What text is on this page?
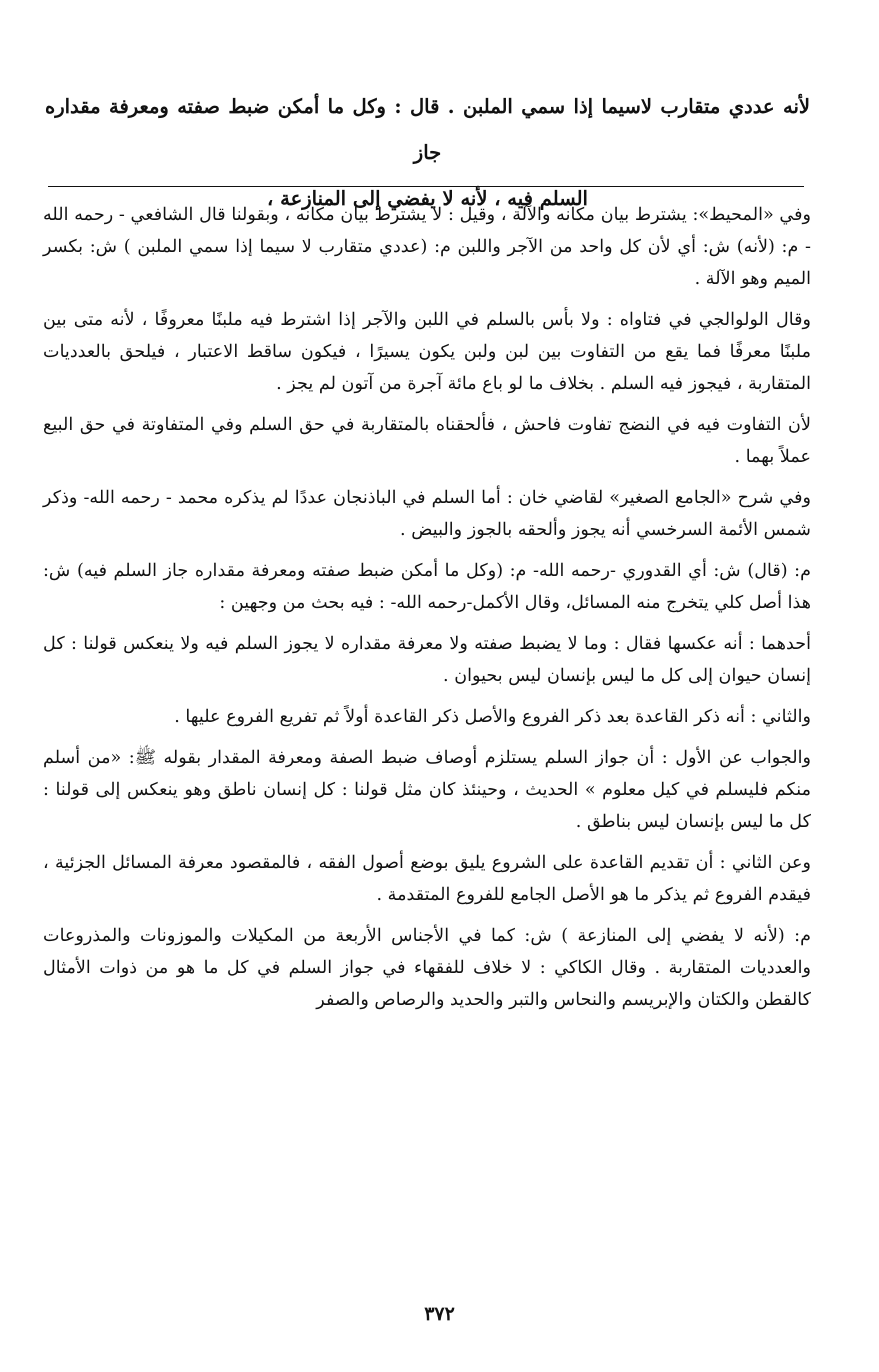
لأنه عددي متقارب لاسيما إذا سمي الملبن . قال : وكل ما أمكن ضبط صفته ومعرفة مقداره جاز
السلم فيه ، لأنه لا يفضي إلى المنازعة ،

وفي «المحيط»: يشترط بيان مكانه والآلة ، وقيل : لا يشترط بيان مكانه ، وبقولنا قال الشافعي - رحمه الله - م: (لأنه) ش: أي لأن كل واحد من الآجر واللبن م: (عددي متقارب لا سيما إذا سمي الملبن ) ش: بكسر الميم وهو الآلة .

وقال الولوالجي في فتاواه : ولا بأس بالسلم في اللبن والآجر إذا اشترط فيه ملبنًا معروفًا ، لأنه متى بين ملبنًا معرفًا فما يقع من التفاوت بين لبن ولبن يكون يسيرًا ، فيكون ساقط الاعتبار ، فيلحق بالعدديات المتقاربة ، فيجوز فيه السلم . بخلاف ما لو باع مائة آجرة من آتون لم يجز .

لأن التفاوت فيه في النضج تفاوت فاحش ، فألحقناه بالمتقاربة في حق السلم وفي المتفاوتة في حق البيع عملاً بهما .

وفي شرح «الجامع الصغير» لقاضي خان : أما السلم في الباذنجان عددًا لم يذكره محمد - رحمه الله- وذكر شمس الأئمة السرخسي أنه يجوز وألحقه بالجوز والبيض .

م: (قال) ش: أي القدوري -رحمه الله- م: (وكل ما أمكن ضبط صفته ومعرفة مقداره جاز السلم فيه) ش: هذا أصل كلي يتخرج منه المسائل، وقال الأكمل-رحمه الله- : فيه بحث من وجهين :

أحدهما : أنه عكسها فقال : وما لا يضبط صفته ولا معرفة مقداره لا يجوز السلم فيه ولا ينعكس قولنا : كل إنسان حيوان إلى كل ما ليس بإنسان ليس بحيوان .

والثاني : أنه ذكر القاعدة بعد ذكر الفروع والأصل ذكر القاعدة أولاً ثم تفريع الفروع عليها .

والجواب عن الأول : أن جواز السلم يستلزم أوصاف ضبط الصفة ومعرفة المقدار بقوله ﷺ: «من أسلم منكم فليسلم في كيل معلوم » الحديث ، وحينئذ كان مثل قولنا : كل إنسان ناطق وهو ينعكس إلى قولنا : كل ما ليس بإنسان ليس بناطق .

وعن الثاني : أن تقديم القاعدة على الشروع يليق بوضع أصول الفقه ، فالمقصود معرفة المسائل الجزئية ، فيقدم الفروع ثم يذكر ما هو الأصل الجامع للفروع المتقدمة .

م: (لأنه لا يفضي إلى المنازعة ) ش: كما في الأجناس الأربعة من المكيلات والموزونات والمذروعات والعدديات المتقاربة . وقال الكاكي : لا خلاف للفقهاء في جواز السلم في كل ما هو من ذوات الأمثال كالقطن والكتان والإبريسم والنحاس والتبر والحديد والرصاص والصفر

٣٧٢
